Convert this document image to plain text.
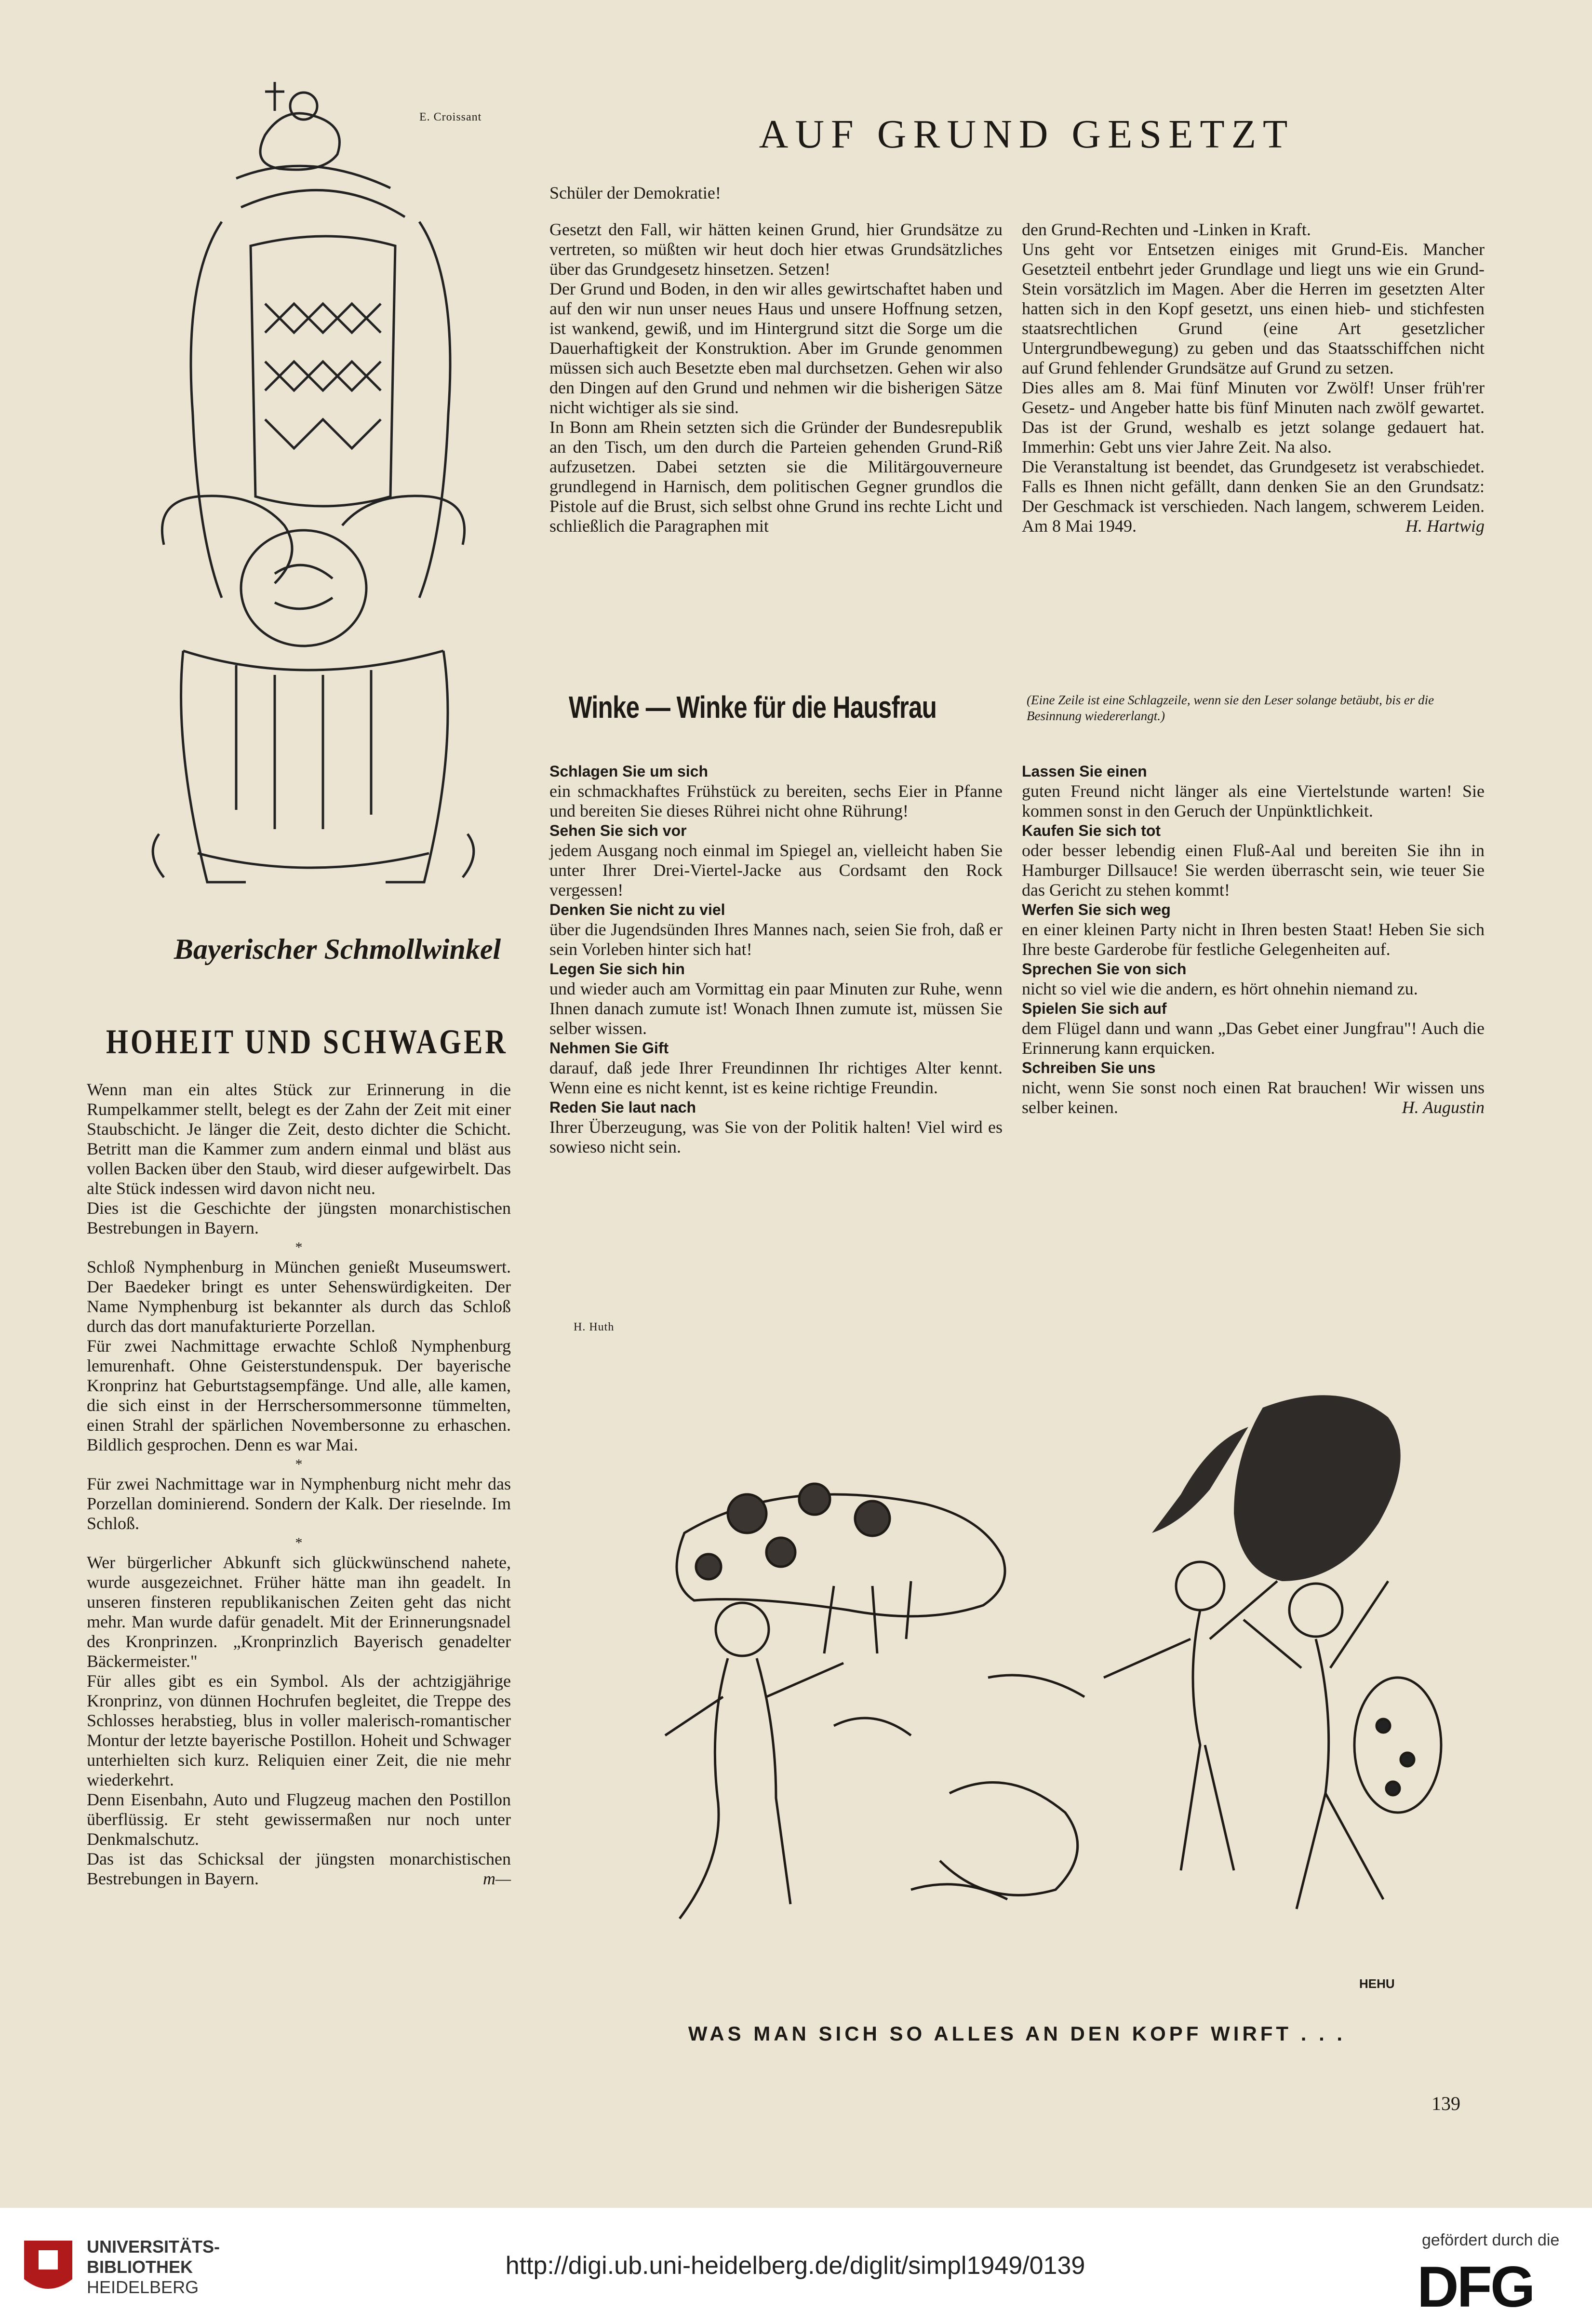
E. Croissant
Bayerischer Schmollwinkel
AUF GRUND GESETZT
Schüler der Demokratie!

Gesetzt den Fall, wir hätten keinen Grund, hier Grundsätze zu vertreten, so müßten wir heut doch hier etwas Grundsätzliches über das Grundgesetz hinsetzen. Setzen!

Der Grund und Boden, in den wir alles gewirtschaftet haben und auf den wir nun unser neues Haus und unsere Hoffnung setzen, ist wankend, gewiß, und im Hintergrund sitzt die Sorge um die Dauerhaftigkeit der Konstruktion. Aber im Grunde genommen müssen sich auch Besetzte eben mal durchsetzen. Gehen wir also den Dingen auf den Grund und nehmen wir die bisherigen Sätze nicht wichtiger als sie sind.

In Bonn am Rhein setzten sich die Gründer der Bundesrepublik an den Tisch, um den durch die Parteien gehenden Grund-Riß aufzusetzen. Dabei setzten sie die Militärgouverneure grundlegend in Harnisch, dem politischen Gegner grundlos die Pistole auf die Brust, sich selbst ohne Grund ins rechte Licht und schließlich die Paragraphen mit

den Grund-Rechten und -Linken in Kraft.

Uns geht vor Entsetzen einiges mit Grund-Eis. Mancher Gesetzteil entbehrt jeder Grundlage und liegt uns wie ein Grund-Stein vorsätzlich im Magen. Aber die Herren im gesetzten Alter hatten sich in den Kopf gesetzt, uns einen hieb- und stichfesten staatsrechtlichen Grund (eine Art gesetzlicher Untergrundbewegung) zu geben und das Staatsschiffchen nicht auf Grund fehlender Grundsätze auf Grund zu setzen.

Dies alles am 8. Mai fünf Minuten vor Zwölf! Unser früh'rer Gesetz- und Angeber hatte bis fünf Minuten nach zwölf gewartet. Das ist der Grund, weshalb es jetzt solange gedauert hat. Immerhin: Gebt uns vier Jahre Zeit. Na also.

Die Veranstaltung ist beendet, das Grundgesetz ist verabschiedet. Falls es Ihnen nicht gefällt, dann denken Sie an den Grundsatz: Der Geschmack ist verschieden. Nach langem, schwerem Leiden. Am 8 Mai 1949.	H. Hartwig

Winke — Winke für die Hausfrau	(Eine Zeile ist eine Schlagzeile, wenn sie den Leser solange betäubt, bis er die Besinnung wiedererlangt.)

Schlagen Sie um sich

ein schmackhaftes Frühstück zu bereiten, sechs Eier in Pfanne und bereiten Sie dieses Rührei nicht ohne Rührung!

Sehen Sie sich vor

jedem Ausgang noch einmal im Spiegel an, vielleicht haben Sie unter Ihrer Drei-Viertel-Jacke aus Cordsamt den Rock vergessen!

Denken Sie nicht zu viel

über die Jugendsünden Ihres Mannes nach, seien Sie froh, daß er sein Vorleben hinter sich hat!

Legen Sie sich hin

und wieder auch am Vormittag ein paar Minuten zur Ruhe, wenn Ihnen danach zumute ist! Wonach Ihnen zumute ist, müssen Sie selber wissen.

Nehmen Sie Gift

darauf, daß jede Ihrer Freundinnen Ihr richtiges Alter kennt. Wenn eine es nicht kennt, ist es keine richtige Freundin.

Reden Sie laut nach

Ihrer Überzeugung, was Sie von der Politik halten! Viel wird es sowieso nicht sein.

Lassen Sie einen

guten Freund nicht länger als eine Viertelstunde warten! Sie kommen sonst in den Geruch der Unpünktlichkeit.

Kaufen Sie sich tot

oder besser lebendig einen Fluß-Aal und bereiten Sie ihn in Hamburger Dillsauce! Sie werden überrascht sein, wie teuer Sie das Gericht zu stehen kommt!

Werfen Sie sich weg

en einer kleinen Party nicht in Ihren besten Staat! Heben Sie sich Ihre beste Garderobe für festliche Gelegenheiten auf.

Sprechen Sie von sich

nicht so viel wie die andern, es hört ohnehin niemand zu.

Spielen Sie sich auf

dem Flügel dann und wann „Das Gebet einer Jungfrau"! Auch die Erinnerung kann erquicken.

Schreiben Sie uns

nicht, wenn Sie sonst noch einen Rat brauchen! Wir wissen uns selber keinen.	H. Augustin

HOHEIT UND SCHWAGER

Wenn man ein altes Stück zur Erinnerung in die Rumpelkammer stellt, belegt es der Zahn der Zeit mit einer Staubschicht. Je länger die Zeit, desto dichter die Schicht. Betritt man die Kammer zum andern einmal und bläst aus vollen Backen über den Staub, wird dieser aufgewirbelt. Das alte Stück indessen wird davon nicht neu.

Dies ist die Geschichte der jüngsten monarchistischen Bestrebungen in Bayern.

*

Schloß Nymphenburg in München genießt Museumswert. Der Baedeker bringt es unter Sehenswürdigkeiten. Der Name Nymphenburg ist bekannter als durch das Schloß durch das dort manufakturierte Porzellan.

Für zwei Nachmittage erwachte Schloß Nymphenburg lemurenhaft. Ohne Geisterstundenspuk. Der bayerische Kronprinz hat Geburtstagsempfänge. Und alle, alle kamen, die sich einst in der Herrschersommersonne tümmelten, einen Strahl der spärlichen Novembersonne zu erhaschen. Bildlich gesprochen. Denn es war Mai.

*

Für zwei Nachmittage war in Nymphenburg nicht mehr das Porzellan dominierend. Sondern der Kalk. Der rieselnde. Im Schloß.

*

Wer bürgerlicher Abkunft sich glückwünschend nahete, wurde ausgezeichnet. Früher hätte man ihn geadelt. In unseren finsteren republikanischen Zeiten geht das nicht mehr. Man wurde dafür genadelt. Mit der Erinnerungsnadel des Kronprinzen. „Kronprinzlich Bayerisch genadelter Bäckermeister."

Für alles gibt es ein Symbol. Als der achtzigjährige Kronprinz, von dünnen Hochrufen begleitet, die Treppe des Schlosses herabstieg, blus in voller malerisch-romantischer Montur der letzte bayerische Postillon. Hoheit und Schwager unterhielten sich kurz. Reliquien einer Zeit, die nie mehr wiederkehrt.

Denn Eisenbahn, Auto und Flugzeug machen den Postillon überflüssig. Er steht gewissermaßen nur noch unter Denkmalschutz.

Das ist das Schicksal der jüngsten monarchistischen Bestrebungen in Bayern.	m—

H. Huth
HEHU
WAS MAN SICH SO ALLES AN DEN KOPF WIRFT . . .
139
UNIVERSITÄTS-
BIBLIOTHEK
HEIDELBERG
http://digi.ub.uni-heidelberg.de/diglit/simpl1949/0139
gefördert durch die
DFG
